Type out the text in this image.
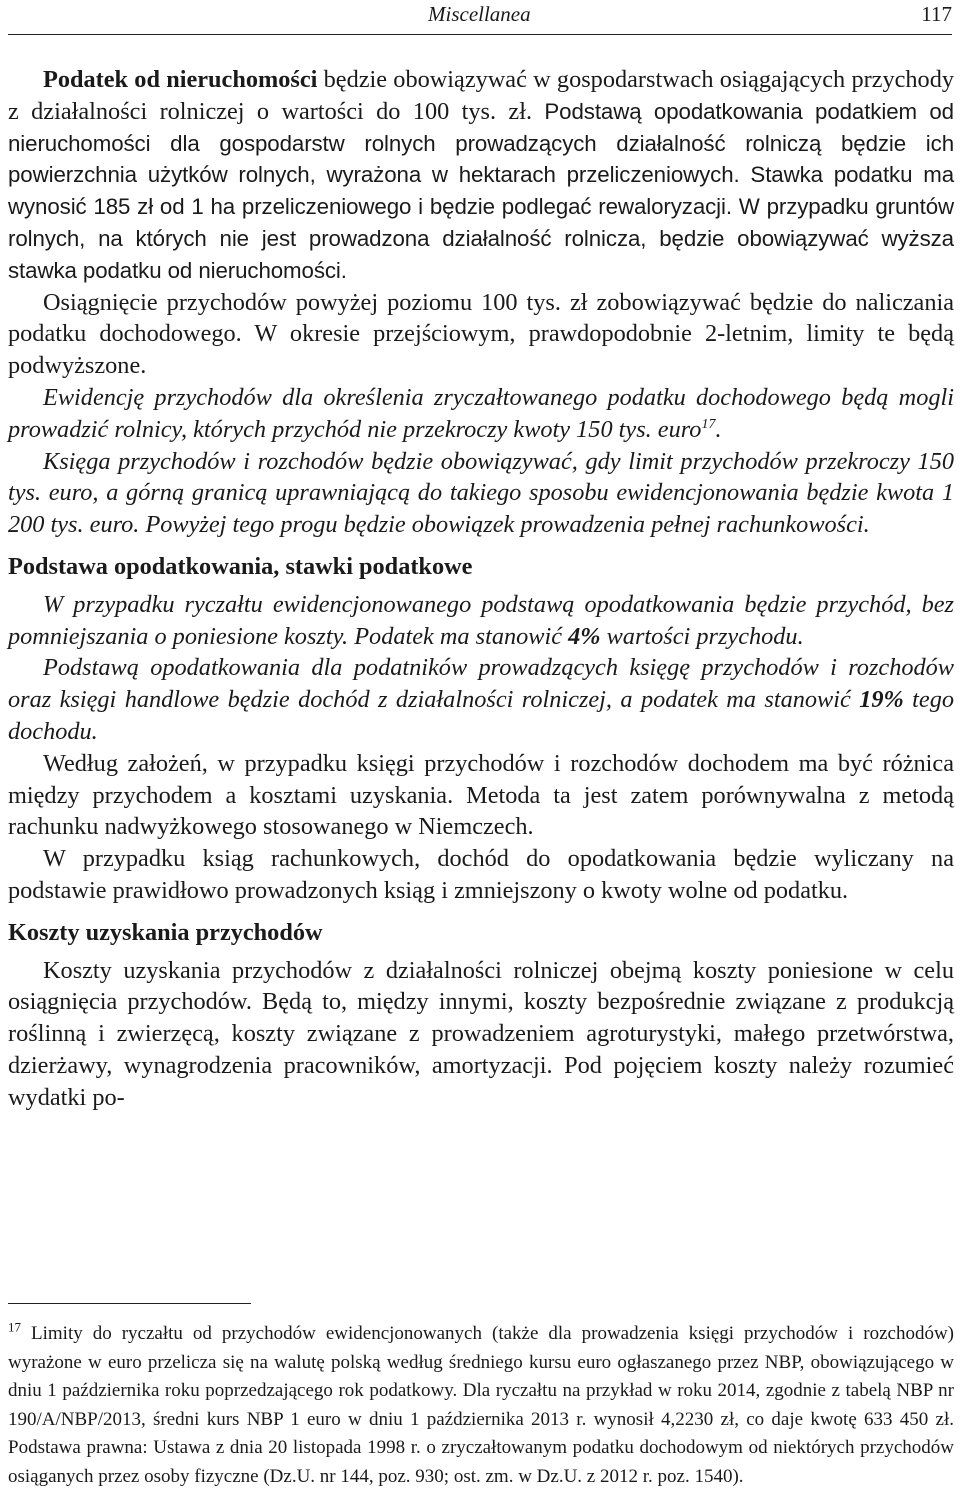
Miscellanea	117

Podatek od nieruchomości będzie obowiązywać w gospodarstwach osiągających przychody z działalności rolniczej o wartości do 100 tys. zł. Podstawą opodatkowania podatkiem od nieruchomości dla gospodarstw rolnych prowadzących działalność rolniczą będzie ich powierzchnia użytków rolnych, wyrażona w hektarach przeliczeniowych. Stawka podatku ma wynosić 185 zł od 1 ha przeliczeniowego i będzie podlegać rewaloryzacji. W przypadku gruntów rolnych, na których nie jest prowadzona działalność rolnicza, będzie obowiązywać wyższa stawka podatku od nieruchomości.

Osiągnięcie przychodów powyżej poziomu 100 tys. zł zobowiązywać będzie do naliczania podatku dochodowego. W okresie przejściowym, prawdopodobnie 2-letnim, limity te będą podwyższone.

Ewidencję przychodów dla określenia zryczałtowanego podatku dochodowego będą mogli prowadzić rolnicy, których przychód nie przekroczy kwoty 150 tys. euro$^{17}$.

Księga przychodów i rozchodów będzie obowiązywać, gdy limit przychodów przekroczy 150 tys. euro, a górną granicą uprawniającą do takiego sposobu ewidencjonowania będzie kwota 1 200 tys. euro. Powyżej tego progu będzie obowiązek prowadzenia pełnej rachunkowości.

Podstawa opodatkowania, stawki podatkowe

W przypadku ryczałtu ewidencjonowanego podstawą opodatkowania będzie przychód, bez pomniejszania o poniesione koszty. Podatek ma stanowić 4% wartości przychodu.

Podstawą opodatkowania dla podatników prowadzących księgę przychodów i rozchodów oraz księgi handlowe będzie dochód z działalności rolniczej, a podatek ma stanowić 19% tego dochodu.

Według założeń, w przypadku księgi przychodów i rozchodów dochodem ma być różnica między przychodem a kosztami uzyskania. Metoda ta jest zatem porównywalna z metodą rachunku nadwyżkowego stosowanego w Niemczech.

W przypadku ksiąg rachunkowych, dochód do opodatkowania będzie wyliczany na podstawie prawidłowo prowadzonych ksiąg i zmniejszony o kwoty wolne od podatku.

Koszty uzyskania przychodów

Koszty uzyskania przychodów z działalności rolniczej obejmą koszty poniesione w celu osiągnięcia przychodów. Będą to, między innymi, koszty bezpośrednie związane z produkcją roślinną i zwierzęcą, koszty związane z prowadzeniem agroturystyki, małego przetwórstwa, dzierżawy, wynagrodzenia pracowników, amortyzacji. Pod pojęciem koszty należy rozumieć wydatki po-

$^{17}$ Limity do ryczałtu od przychodów ewidencjonowanych (także dla prowadzenia księgi przychodów i rozchodów) wyrażone w euro przelicza się na walutę polską według średniego kursu euro ogłaszanego przez NBP, obowiązującego w dniu 1 października roku poprzedzającego rok podatkowy. Dla ryczałtu na przykład w roku 2014, zgodnie z tabelą NBP nr 190/A/NBP/2013, średni kurs NBP 1 euro w dniu 1 października 2013 r. wynosił 4,2230 zł, co daje kwotę 633 450 zł. Podstawa prawna: Ustawa z dnia 20 listopada 1998 r. o zryczałtowanym podatku dochodowym od niektórych przychodów osiąganych przez osoby fizyczne (Dz.U. nr 144, poz. 930; ost. zm. w Dz.U. z 2012 r. poz. 1540).
